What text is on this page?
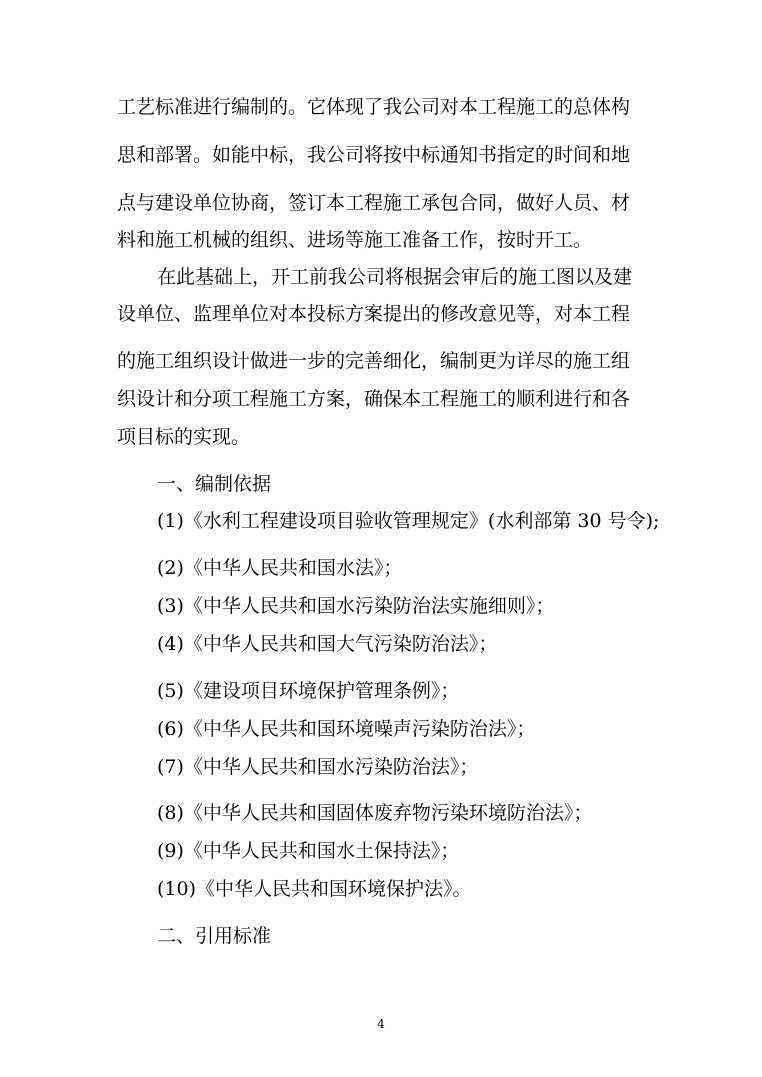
工艺标准进行编制的。它体现了我公司对本工程施工的总体构

思和部署。如能中标，我公司将按中标通知书指定的时间和地

点与建设单位协商，签订本工程施工承包合同，做好人员、材

料和施工机械的组织、进场等施工准备工作，按时开工。

在此基础上，开工前我公司将根据会审后的施工图以及建

设单位、监理单位对本投标方案提出的修改意见等，对本工程

的施工组织设计做进一步的完善细化，编制更为详尽的施工组

织设计和分项工程施工方案，确保本工程施工的顺利进行和各

项目标的实现。

一、编制依据

(1)《水利工程建设项目验收管理规定》(水利部第 30 号令);

(2)《中华人民共和国水法》；

(3)《中华人民共和国水污染防治法实施细则》；

(4)《中华人民共和国大气污染防治法》；

(5)《建设项目环境保护管理条例》；

(6)《中华人民共和国环境噪声污染防治法》；

(7)《中华人民共和国水污染防治法》；

(8)《中华人民共和国固体废弃物污染环境防治法》；

(9)《中华人民共和国水土保持法》；

(10)《中华人民共和国环境保护法》。

二、引用标准

4
